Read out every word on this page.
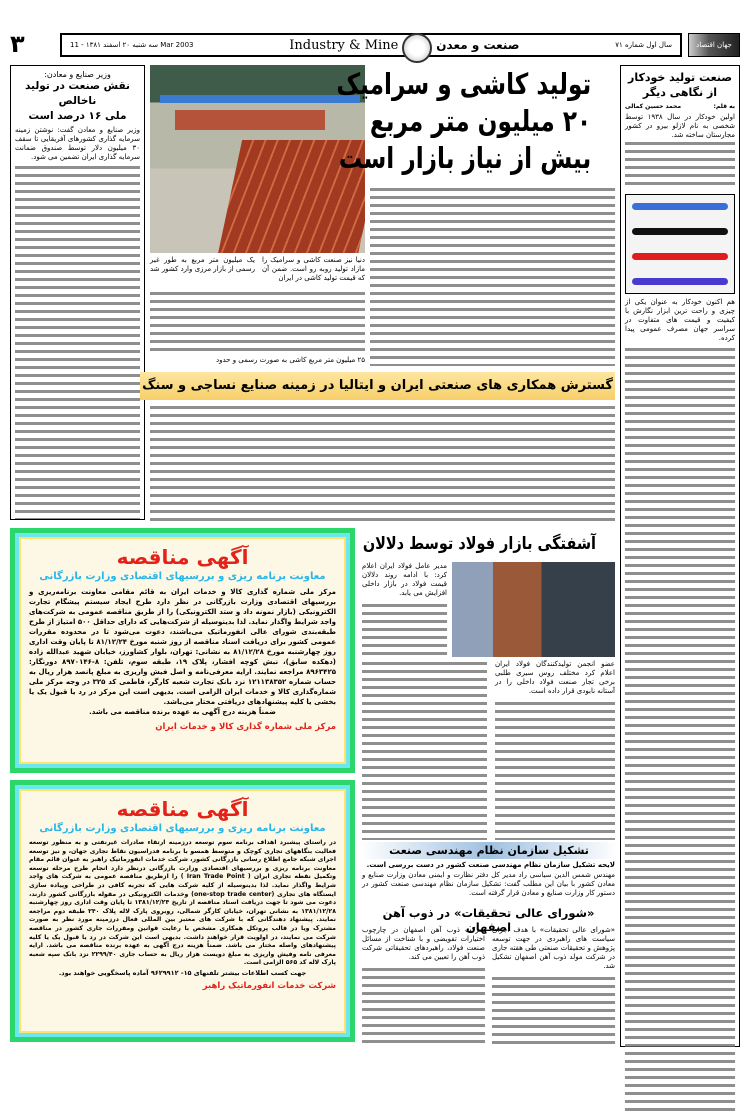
۳	سه شنبه ۲۰ اسفند ۱۳۸۱ - 11 Mar 2003	Industry & Mine	صنعت و معدن	سال اول شماره ۷۱	جهان اقتصاد
صنعت تولید خودکار
از نگاهی دیگر
به قلم:
محمد حسین کمالی
اولین خودکار در سال ۱۹۳۸ توسط شخصی به نام لازلو بیرو در کشور مجارستان ساخته شد.
هم اکنون خودکار به عنوان یکی از چیزی و راحت ترین ابزار نگارش با کیفیت و قیمت های متفاوت در سراسر جهان مصرف عمومی پیدا کرده.
وزیر صنایع و معادن:
نقش صنعت در تولید ناخالص
ملی ۱۶ درصد است
وزیر صنایع و معادن گفت: نوشتن زمینه سرمایه گذاری کشورهای آفریقایی تا سقف ۳۰ میلیون دلار توسط صندوق ضمانت سرمایه گذاری ایران تضمین می شود.
تولید کاشی و سرامیک
۲۰ میلیون متر مربع
بیش از نیاز بازار است
دنیا نیز صنعت کاشی و سرامیک را مازاد تولید روبه رو است. ضمن آن که قیمت تولید کاشی در ایران
یک میلیون متر مربع به طور غیر رسمی از بازار مرزی وارد کشور شد
۲۵ میلیون متر مربع کاشی به صورت رسمی و حدود
گسترش همکاری های صنعتی ایران و ایتالیا در زمینه صنایع نساجی و سنگ
آگهی مناقصه
معاونت برنامه ریزی و بررسیهای اقتصادی وزارت بازرگانی
مرکز ملی شماره گذاری کالا و خدمات ایران به قائم مقامی معاونت برنامه‌ریزی و بررسیهای اقتصادی وزارت بازرگانی در نظر دارد طرح ایجاد سیستم پیشگام تجارت الکترونیکی (بازار نمونه داد و ستد الکترونیکی) را از طریق مناقصه عمومی به شرکت‌های واجد شرایط واگذار نماید. لذا بدینوسیله از شرکت‌هایی که دارای حداقل ۵۰۰ امتیاز از طرح طبقه‌بندی شورای عالی انفورماتیک می‌باشند، دعوت می‌شود تا در محدوده مقررات عمومی کشور برای دریافت اسناد مناقصه از روز شنبه مورخ ۸۱/۱۲/۲۴ تا پایان وقت اداری روز چهارشنبه مورخ ۸۱/۱۲/۲۸ به نشانی: تهران، بلوار کشاورز، خیابان شهید عبدالله زاده (دهکده سابق)، نبش کوچه افشار، پلاک ۱۹، طبقه سوم، تلفن: ۸-۸۹۷۰۱۴۶ دورنگار: ۸۹۶۳۴۲۵ مراجعه نمایند. ارایه معرفی‌نامه و اصل فیش واریزی به مبلغ پانصد هزار ریال به حساب شماره ۱۲۱۱۳۸۳۵۲ نزد بانک تجارت شعبه کارگر، فاطمی کد ۳۲۵ در وجه مرکز ملی شماره‌گذاری کالا و خدمات ایران الزامی است. بدیهی است این مرکز در رد یا قبول یک یا بخشی یا کلیه پیشنهادهای دریافتی مختار می‌باشد.
ضمناً هزینه درج آگهی به عهده برنده مناقصه می باشد.
مرکز ملی شماره گذاری کالا و خدمات ایران
آگهی مناقصه
معاونت برنامه ریزی و بررسیهای اقتصادی وزارت بازرگانی
در راستای پیشبرد اهداف برنامه سوم توسعه درزمینه ارتقاء صادرات غیرنفتی و به منظور توسعه فعالیت بنگاههای تجاری کوچک و متوسط همسو با برنامه فدراسیون نقاط تجاری جهان، و نیز توسعه اجرای شبکه جامع اطلاع رسانی بازرگانی کشور، شرکت خدمات انفورماتیک راهبر به عنوان قائم مقام معاونت برنامه ریزی و بررسیهای اقتصادی وزارت بازرگانی درنظر دارد انجام طرح مرحله توسعه وتکمیل نقطه تجاری ایران ( Iran Trade Point ) را ازطریق مناقصه عمومی به شرکت های واجد شرایط واگذار نماید. لذا بدینوسیله از کلیه شرکت هایی که تجربه کافی در طراحی وپیاده سازی ایستگاه های تجاری (one-stop trade center) وخدمات الکترونیکی در مقوله بازرگانی کشور دارند، دعوت می شود تا جهت دریافت اسناد مناقصه از تاریخ ۱۳۸۱/۱۲/۲۴ تا پایان وقت اداری روز چهارشنبه ۱۳۸۱/۱۲/۲۸ به نشانی تهران، خیابان کارگر شمالی، روبروی پارک لاله پلاک ۲۴۰ طبقه دوم مراجعه نمایند. پیشنهاد دهندگانی که با شرکت های معتبر بین المللی فعال درزمینه مورد نظر به صورت مشترک ویا در قالب پروتکل همکاری مشخص با رعایت قوانین ومقررات جاری کشور در مناقصه شرکت می نمایند، در اولویت قرار خواهند داشت. بدیهی است این شرکت در رد یا قبول یک یا کلیه پیشنهادهای واصله مختار می باشد. ضمناً هزینه درج آگهی به عهده برنده مناقصه می باشد. ارایه معرفی نامه وفیش واریزی به مبلغ دویست هزار ریال به حساب جاری ۲۲۹۹/۴۰ نزد بانک سپه شعبه پارک لاله کد ۵۶۵ الزامی است.
جهت کسب اطلاعات بیشتر تلفنهای ۱۵- ۹۶۲۹۹۱۲ آماده پاسخگویی خواهند بود.
شرکت خدمات انفورماتیک راهبر
مدیر عامل فولاد ایران اعلام کرد: با ادامه روند دلالان قیمت فولاد در بازار داخلی افزایش می یابد.
آشفتگی بازار فولاد توسط دلالان
عضو انجمن تولیدکنندگان فولاد ایران اعلام کرد مختلف روس سیری طلبی برخی تجار صنعت فولاد داخلی را در آستانه نابودی قرار داده است.
تشکیل سازمان نظام مهندسی صنعت
لایحه تشکیل سازمان نظام مهندسی صنعت کشور در دست بررسی است.
مهندس شمس الدین سیاسی راد مدیر کل دفتر نظارت و ایمنی معادن وزارت صنایع و معادن کشور با بیان این مطلب گفت: تشکیل سازمان نظام مهندسی صنعت کشور در دستور کار وزارت صنایع و معادن قرار گرفته است.
«شورای عالی تحقیقات» در ذوب آهن اصفهان
«شورای عالی تحقیقات» با هدف اجرای سیاست های راهبردی در جهت توسعه پژوهش و تحقیقات صنعتی طی هفته جاری در شرکت مولد ذوب آهن اصفهان تشکیل شد.
شرکت ذوب آهن اصفهان در چارچوب اختیارات تفویضی و با شناخت از مسائل صنعت فولاد، راهبردهای تحقیقاتی شرکت ذوب آهن را تعیین می کند.
